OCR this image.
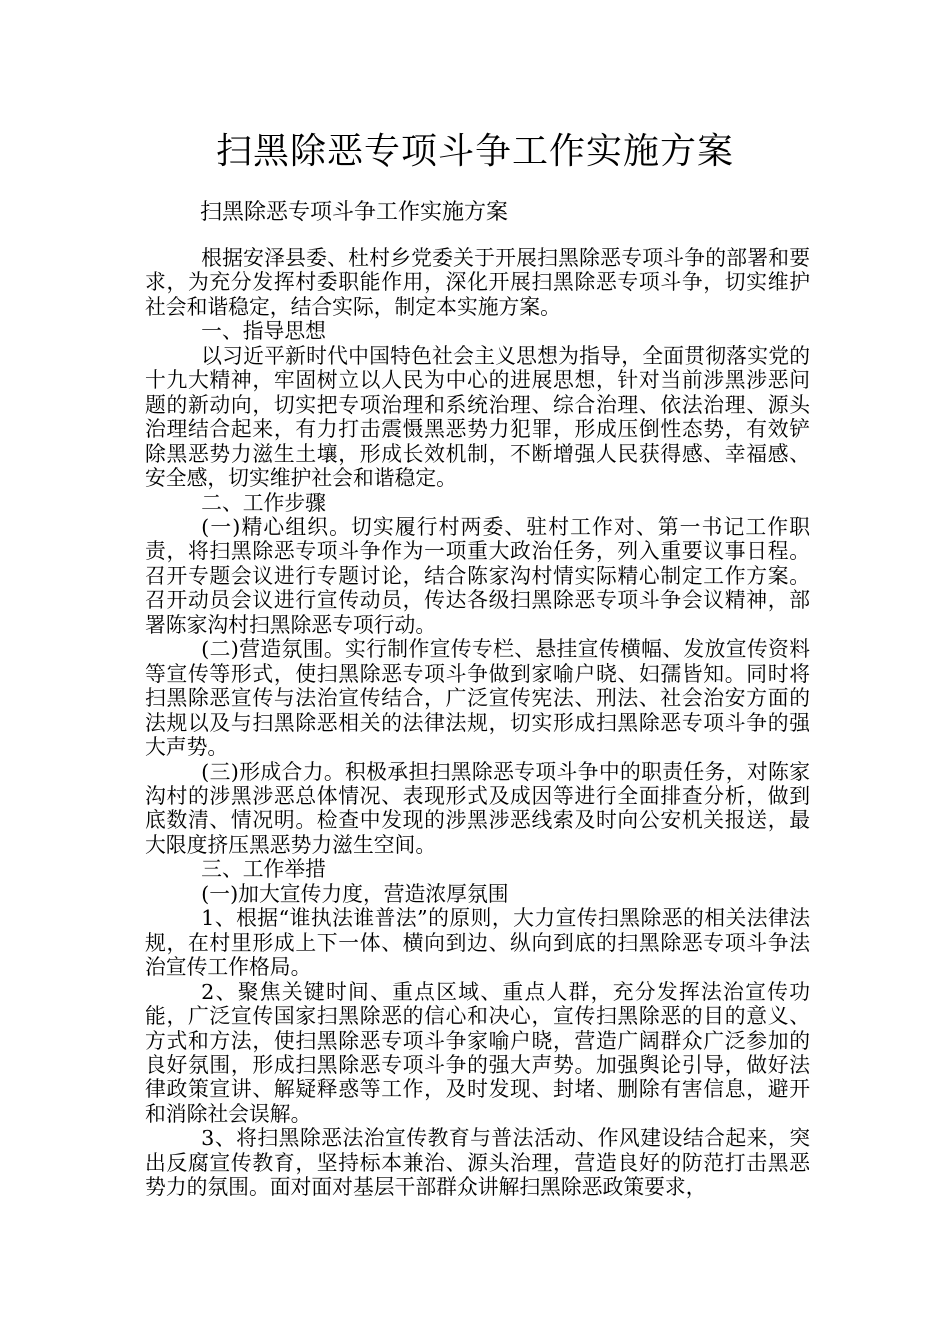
扫黑除恶专项斗争工作实施方案

扫黑除恶专项斗争工作实施方案

根据安泽县委、杜村乡党委关于开展扫黑除恶专项斗争的部署和要求，为充分发挥村委职能作用，深化开展扫黑除恶专项斗争，切实维护社会和谐稳定，结合实际，制定本实施方案。

一、指导思想

以习近平新时代中国特色社会主义思想为指导，全面贯彻落实党的十九大精神，牢固树立以人民为中心的进展思想，针对当前涉黑涉恶问题的新动向，切实把专项治理和系统治理、综合治理、依法治理、源头治理结合起来，有力打击震慑黑恶势力犯罪，形成压倒性态势，有效铲除黑恶势力滋生土壤，形成长效机制，不断增强人民获得感、幸福感、安全感，切实维护社会和谐稳定。

二、工作步骤

(一)精心组织。切实履行村两委、驻村工作对、第一书记工作职责，将扫黑除恶专项斗争作为一项重大政治任务，列入重要议事日程。召开专题会议进行专题讨论，结合陈家沟村情实际精心制定工作方案。召开动员会议进行宣传动员，传达各级扫黑除恶专项斗争会议精神，部署陈家沟村扫黑除恶专项行动。

(二)营造氛围。实行制作宣传专栏、悬挂宣传横幅、发放宣传资料等宣传等形式，使扫黑除恶专项斗争做到家喻户晓、妇孺皆知。同时将扫黑除恶宣传与法治宣传结合，广泛宣传宪法、刑法、社会治安方面的法规以及与扫黑除恶相关的法律法规，切实形成扫黑除恶专项斗争的强大声势。

(三)形成合力。积极承担扫黑除恶专项斗争中的职责任务，对陈家沟村的涉黑涉恶总体情况、表现形式及成因等进行全面排查分析，做到底数清、情况明。检查中发现的涉黑涉恶线索及时向公安机关报送，最大限度挤压黑恶势力滋生空间。

三、工作举措

(一)加大宣传力度，营造浓厚氛围

1、根据“谁执法谁普法”的原则，大力宣传扫黑除恶的相关法律法规，在村里形成上下一体、横向到边、纵向到底的扫黑除恶专项斗争法治宣传工作格局。

2、聚焦关键时间、重点区域、重点人群，充分发挥法治宣传功能，广泛宣传国家扫黑除恶的信心和决心，宣传扫黑除恶的目的意义、方式和方法，使扫黑除恶专项斗争家喻户晓，营造广阔群众广泛参加的良好氛围，形成扫黑除恶专项斗争的强大声势。加强舆论引导，做好法律政策宣讲、解疑释惑等工作，及时发现、封堵、删除有害信息，避开和消除社会误解。

3、将扫黑除恶法治宣传教育与普法活动、作风建设结合起来，突出反腐宣传教育，坚持标本兼治、源头治理，营造良好的防范打击黑恶势力的氛围。面对面对基层干部群众讲解扫黑除恶政策要求，
